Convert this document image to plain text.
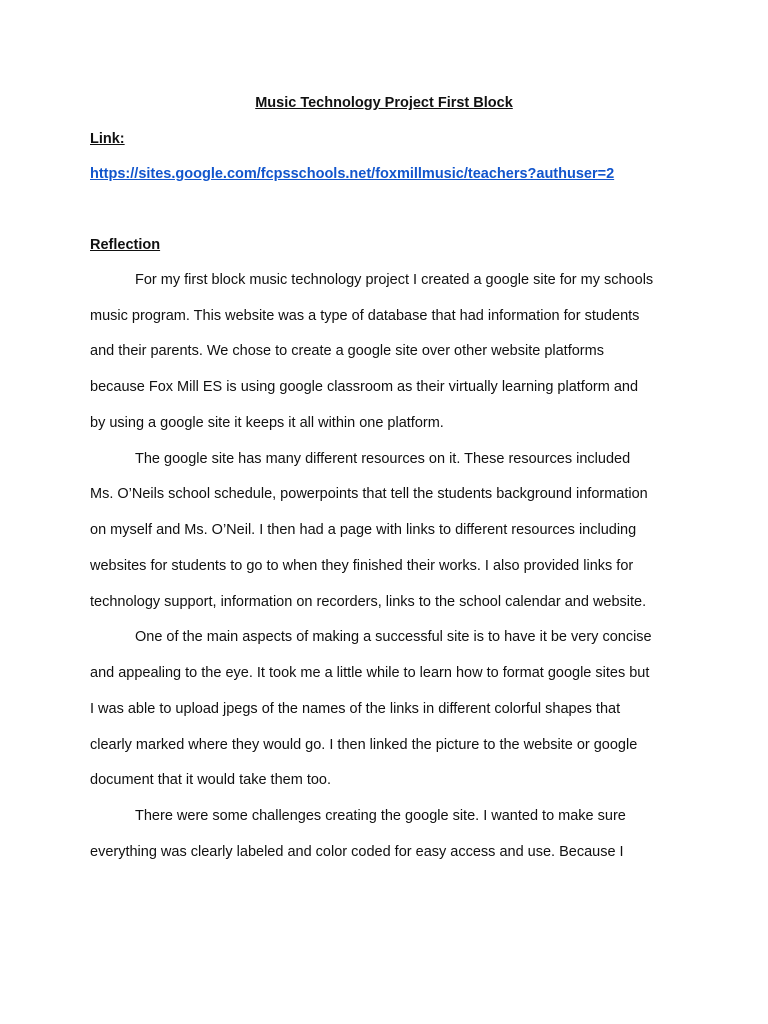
Music Technology Project First Block
Link:
https://sites.google.com/fcpsschools.net/foxmillmusic/teachers?authuser=2
Reflection
For my first block music technology project I created a google site for my schools
music program. This website was a type of database that had information for students
and their parents. We chose to create a google site over other website platforms
because Fox Mill ES is using google classroom as their virtually learning platform and
by using a google site it keeps it all within one platform.
The google site has many different resources on it. These resources included
Ms. O’Neils school schedule, powerpoints that tell the students background information
on myself and Ms. O’Neil. I then had a page with links to different resources including
websites for students to go to when they finished their works. I also provided links for
technology support, information on recorders, links to the school calendar and website.
One of the main aspects of making a successful site is to have it be very concise
and appealing to the eye. It took me a little while to learn how to format google sites but
I was able to upload jpegs of the names of the links in different colorful shapes that
clearly marked where they would go. I then linked the picture to the website or google
document that it would take them too.
There were some challenges creating the google site. I wanted to make sure
everything was clearly labeled and color coded for easy access and use. Because I
